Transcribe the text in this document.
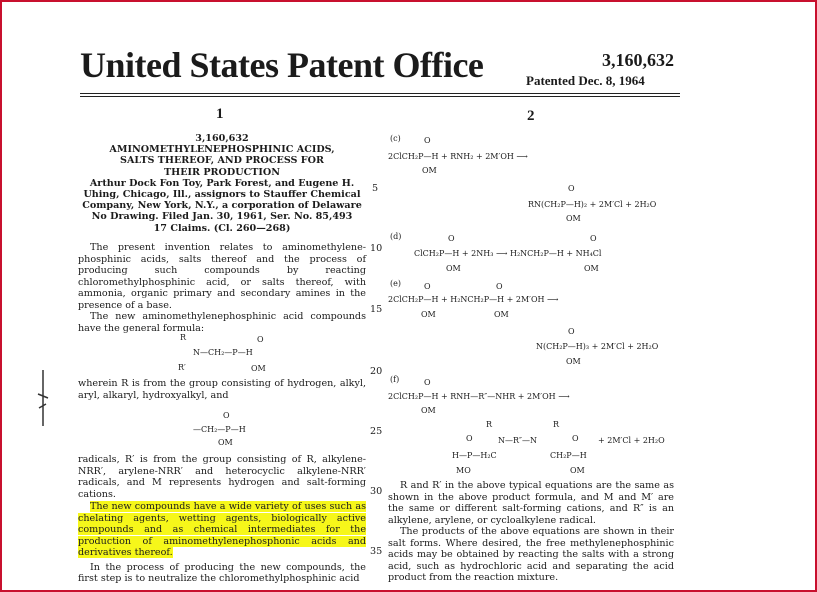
United States Patent Office	3,160,632
Patented Dec. 8, 1964
1	2
3,160,632
AMINOMETHYLENEPHOSPHINIC ACIDS,
SALTS THEREOF, AND PROCESS FOR
THEIR PRODUCTION
Arthur Dock Fon Toy, Park Forest, and Eugene H.
Uhing, Chicago, Ill., assignors to Stauffer Chemical
Company, New York, N.Y., a corporation of Delaware
No Drawing. Filed Jan. 30, 1961, Ser. No. 85,493
17 Claims. (Cl. 260—268)

The present invention relates to aminomethylene-phosphinic acids, salts thereof and the process of producing such compounds by reacting chloromethylphosphinic acid, or salts thereof, with ammonia, organic primary and secondary amines in the presence of a base.

The new aminomethylenephosphinic acid compounds have the general formula:

R	O
N—CH₂—P—H
R′	OM

wherein R is from the group consisting of hydrogen, alkyl, aryl, alkaryl, hydroxyalkyl, and

O
—CH₂—P—H
OM

radicals, R′ is from the group consisting of R, alkylene-NRR′, arylene-NRR′ and heterocyclic alkylene-NRR′ radicals, and M represents hydrogen and salt-forming cations.

The new compounds have a wide variety of uses such as chelating agents, wetting agents, biologically active compounds and as chemical intermediates for the production of aminomethylenephosphonic acids and derivatives thereof.

In the process of producing the new compounds, the first step is to neutralize the chloromethylphosphinic acid

5
10
15
20
25
30
35
(c)	O
2ClCH₂P—H + RNH₂ + 2M′OH ⟶
OM
O
RN(CH₂P—H)₂ + 2M′Cl + 2H₂O
OM
(d)	O	O
ClCH₂P—H + 2NH₃ ⟶ H₂NCH₂P—H + NH₄Cl
OM	OM
(e)	O	O
2ClCH₂P—H + H₂NCH₂P—H + 2M′OH ⟶
OM	OM
O
N(CH₂P—H)₃ + 2M′Cl + 2H₂O
OM
(f)	O
2ClCH₂P—H + RNH—R″—NHR + 2M′OH ⟶
OM
R	R
O	N—R″—N	O + 2M′Cl + 2H₂O
H—P—H₂C	CH₂P—H
MO	OM

R and R′ in the above typical equations are the same as shown in the above product formula, and M and M′ are the same or different salt-forming cations, and R″ is an alkylene, arylene, or cycloalkylene radical.

The products of the above equations are shown in their salt forms. Where desired, the free methylenephosphinic acids may be obtained by reacting the salts with a strong acid, such as hydrochloric acid and separating the acid product from the reaction mixture.
